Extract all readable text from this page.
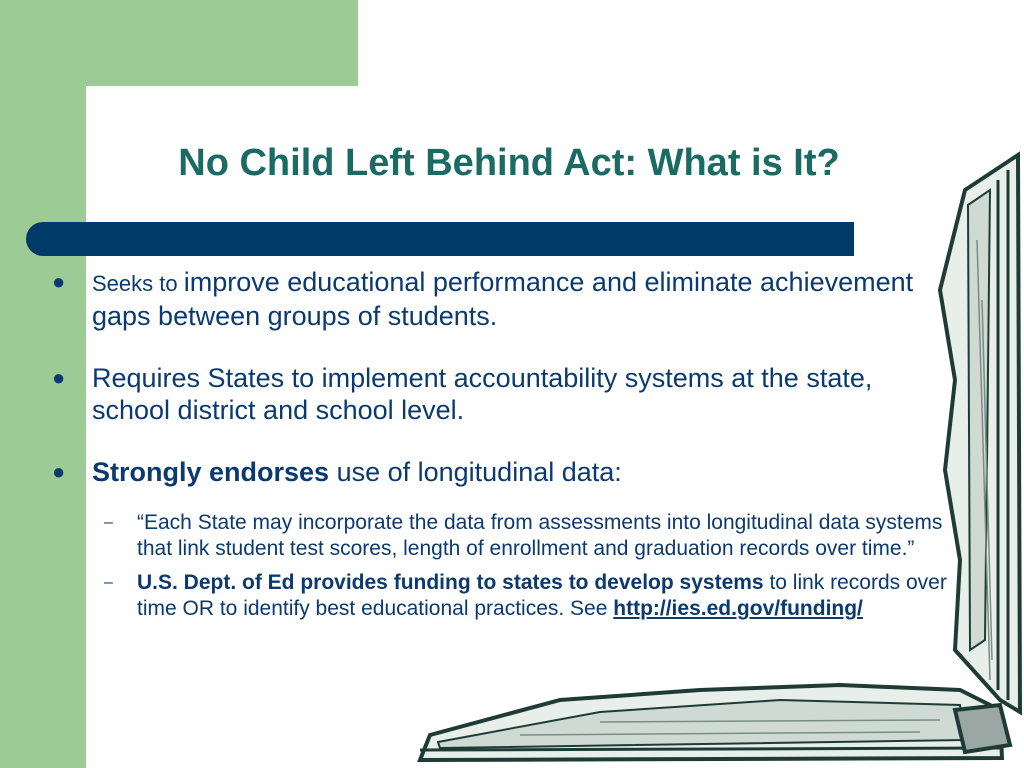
No Child Left Behind Act: What is It?
● Seeks to improve educational performance and eliminate achievement gaps between groups of students.
● Requires States to implement accountability systems at the state, school district and school level.
● Strongly endorses use of longitudinal data:
– “Each State may incorporate the data from assessments into longitudinal data systems that link student test scores, length of enrollment and graduation records over time.”
– U.S. Dept. of Ed provides funding to states to develop systems to link records over time OR to identify best educational practices. See http://ies.ed.gov/funding/
